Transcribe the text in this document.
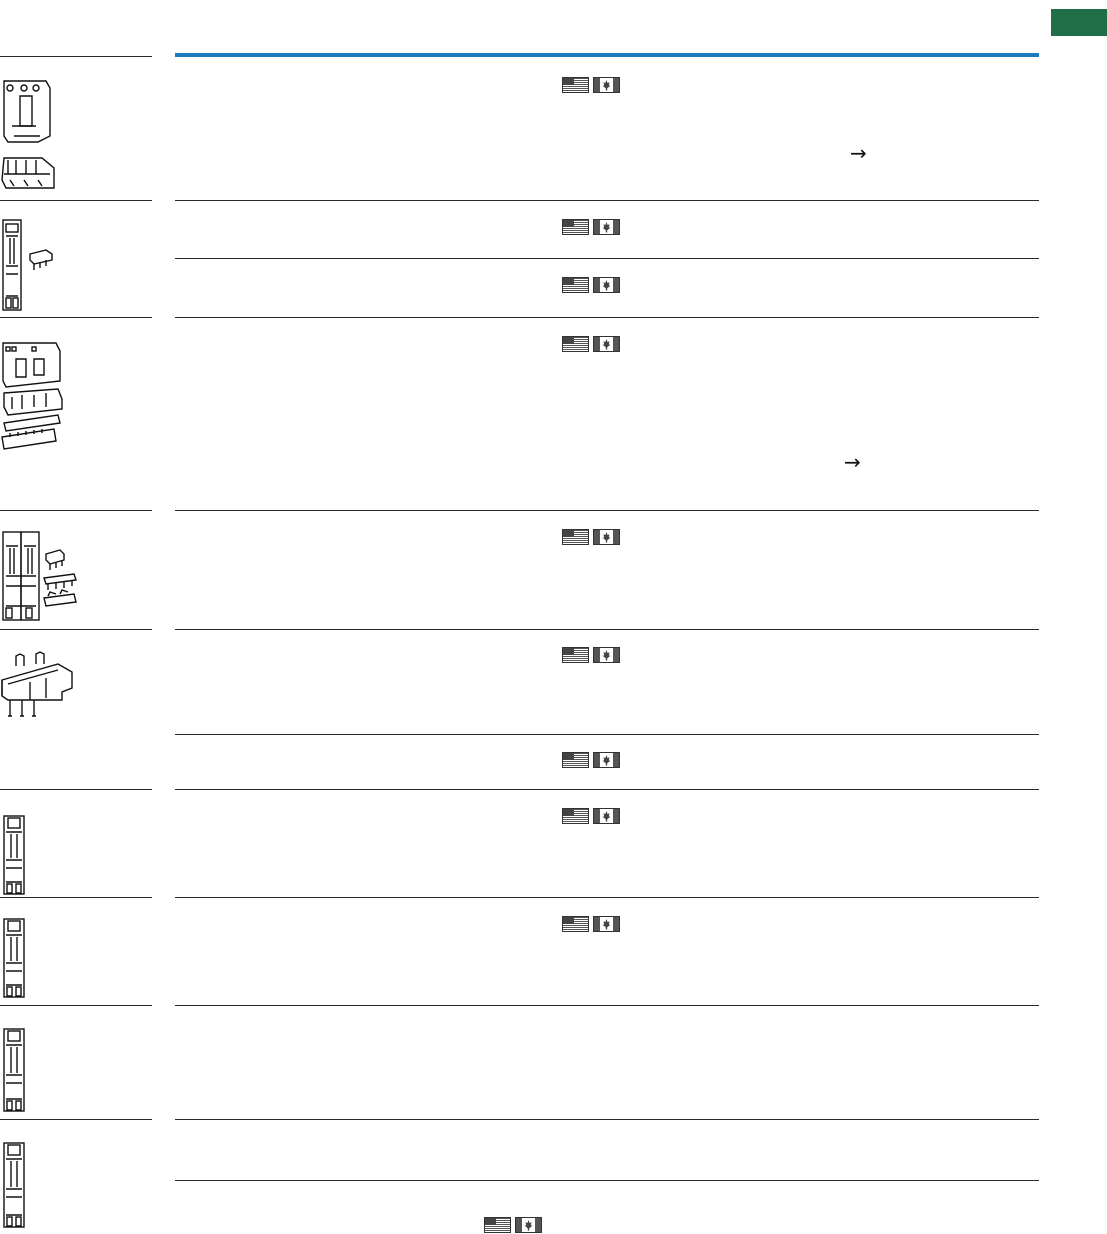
→
→
